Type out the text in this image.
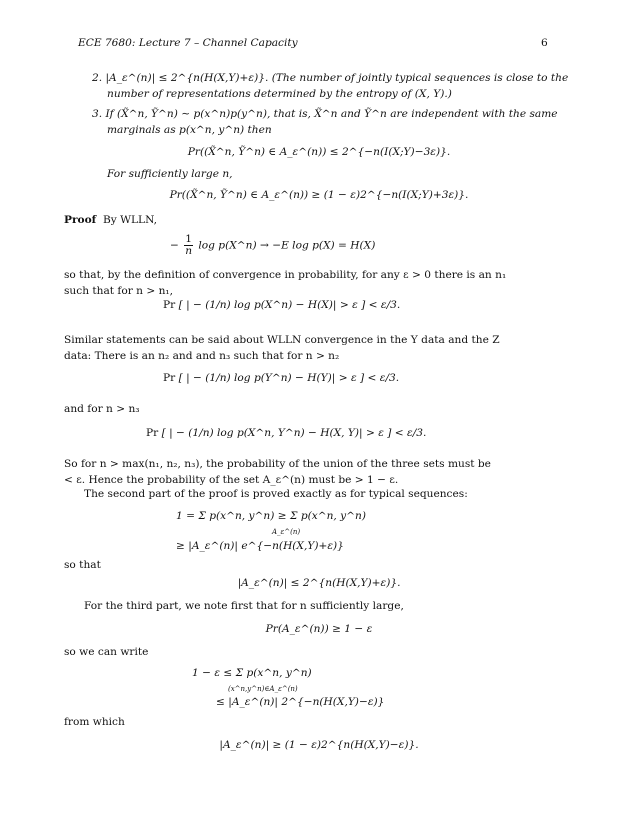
ECE 7680: Lecture 7 – Channel Capacity	6
2. |A_ε^(n)| ≤ 2^{n(H(X,Y)+ε)}. (The number of jointly typical sequences is close to the
number of representations determined by the entropy of (X, Y).)
3. If (X̃^n, Ỹ^n) ∼ p(x^n)p(y^n), that is, X̃^n and Ỹ^n are independent with the same
marginals as p(x^n, y^n) then
Pr((X̃^n, Ỹ^n) ∈ A_ε^(n)) ≤ 2^{−n(I(X;Y)−3ε)}.
For sufficiently large n,
Pr((X̃^n, Ỹ^n) ∈ A_ε^(n)) ≥ (1 − ε)2^{−n(I(X;Y)+3ε)}.
Proof By WLLN,
− $\frac{1}{n}$ log p(X^n) → −E log p(X) = H(X)
so that, by the definition of convergence in probability, for any ε > 0 there is an n₁
such that for n > n₁,
Pr [ | − (1/n) log p(X^n) − H(X)| > ε ] < ε/3.
Similar statements can be said about WLLN convergence in the Y data and the Z
data: There is an n₂ and and n₃ such that for n > n₂
Pr [ | − (1/n) log p(Y^n) − H(Y)| > ε ] < ε/3.
and for n > n₃
Pr [ | − (1/n) log p(X^n, Y^n) − H(X, Y)| > ε ] < ε/3.
So for n > max(n₁, n₂, n₃), the probability of the union of the three sets must be
< ε. Hence the probability of the set A_ε^(n) must be > 1 − ε.
The second part of the proof is proved exactly as for typical sequences:
1 = Σ p(x^n, y^n) ≥ Σ p(x^n, y^n)
A_ε^(n)
≥ |A_ε^(n)| e^{−n(H(X,Y)+ε)}
so that
|A_ε^(n)| ≤ 2^{n(H(X,Y)+ε)}.
For the third part, we note first that for n sufficiently large,
Pr(A_ε^(n)) ≥ 1 − ε
so we can write
1 − ε ≤ Σ p(x^n, y^n)
(x^n,y^n)∈A_ε^(n)
≤ |A_ε^(n)| 2^{−n(H(X,Y)−ε)}
from which
|A_ε^(n)| ≥ (1 − ε)2^{n(H(X,Y)−ε)}.
